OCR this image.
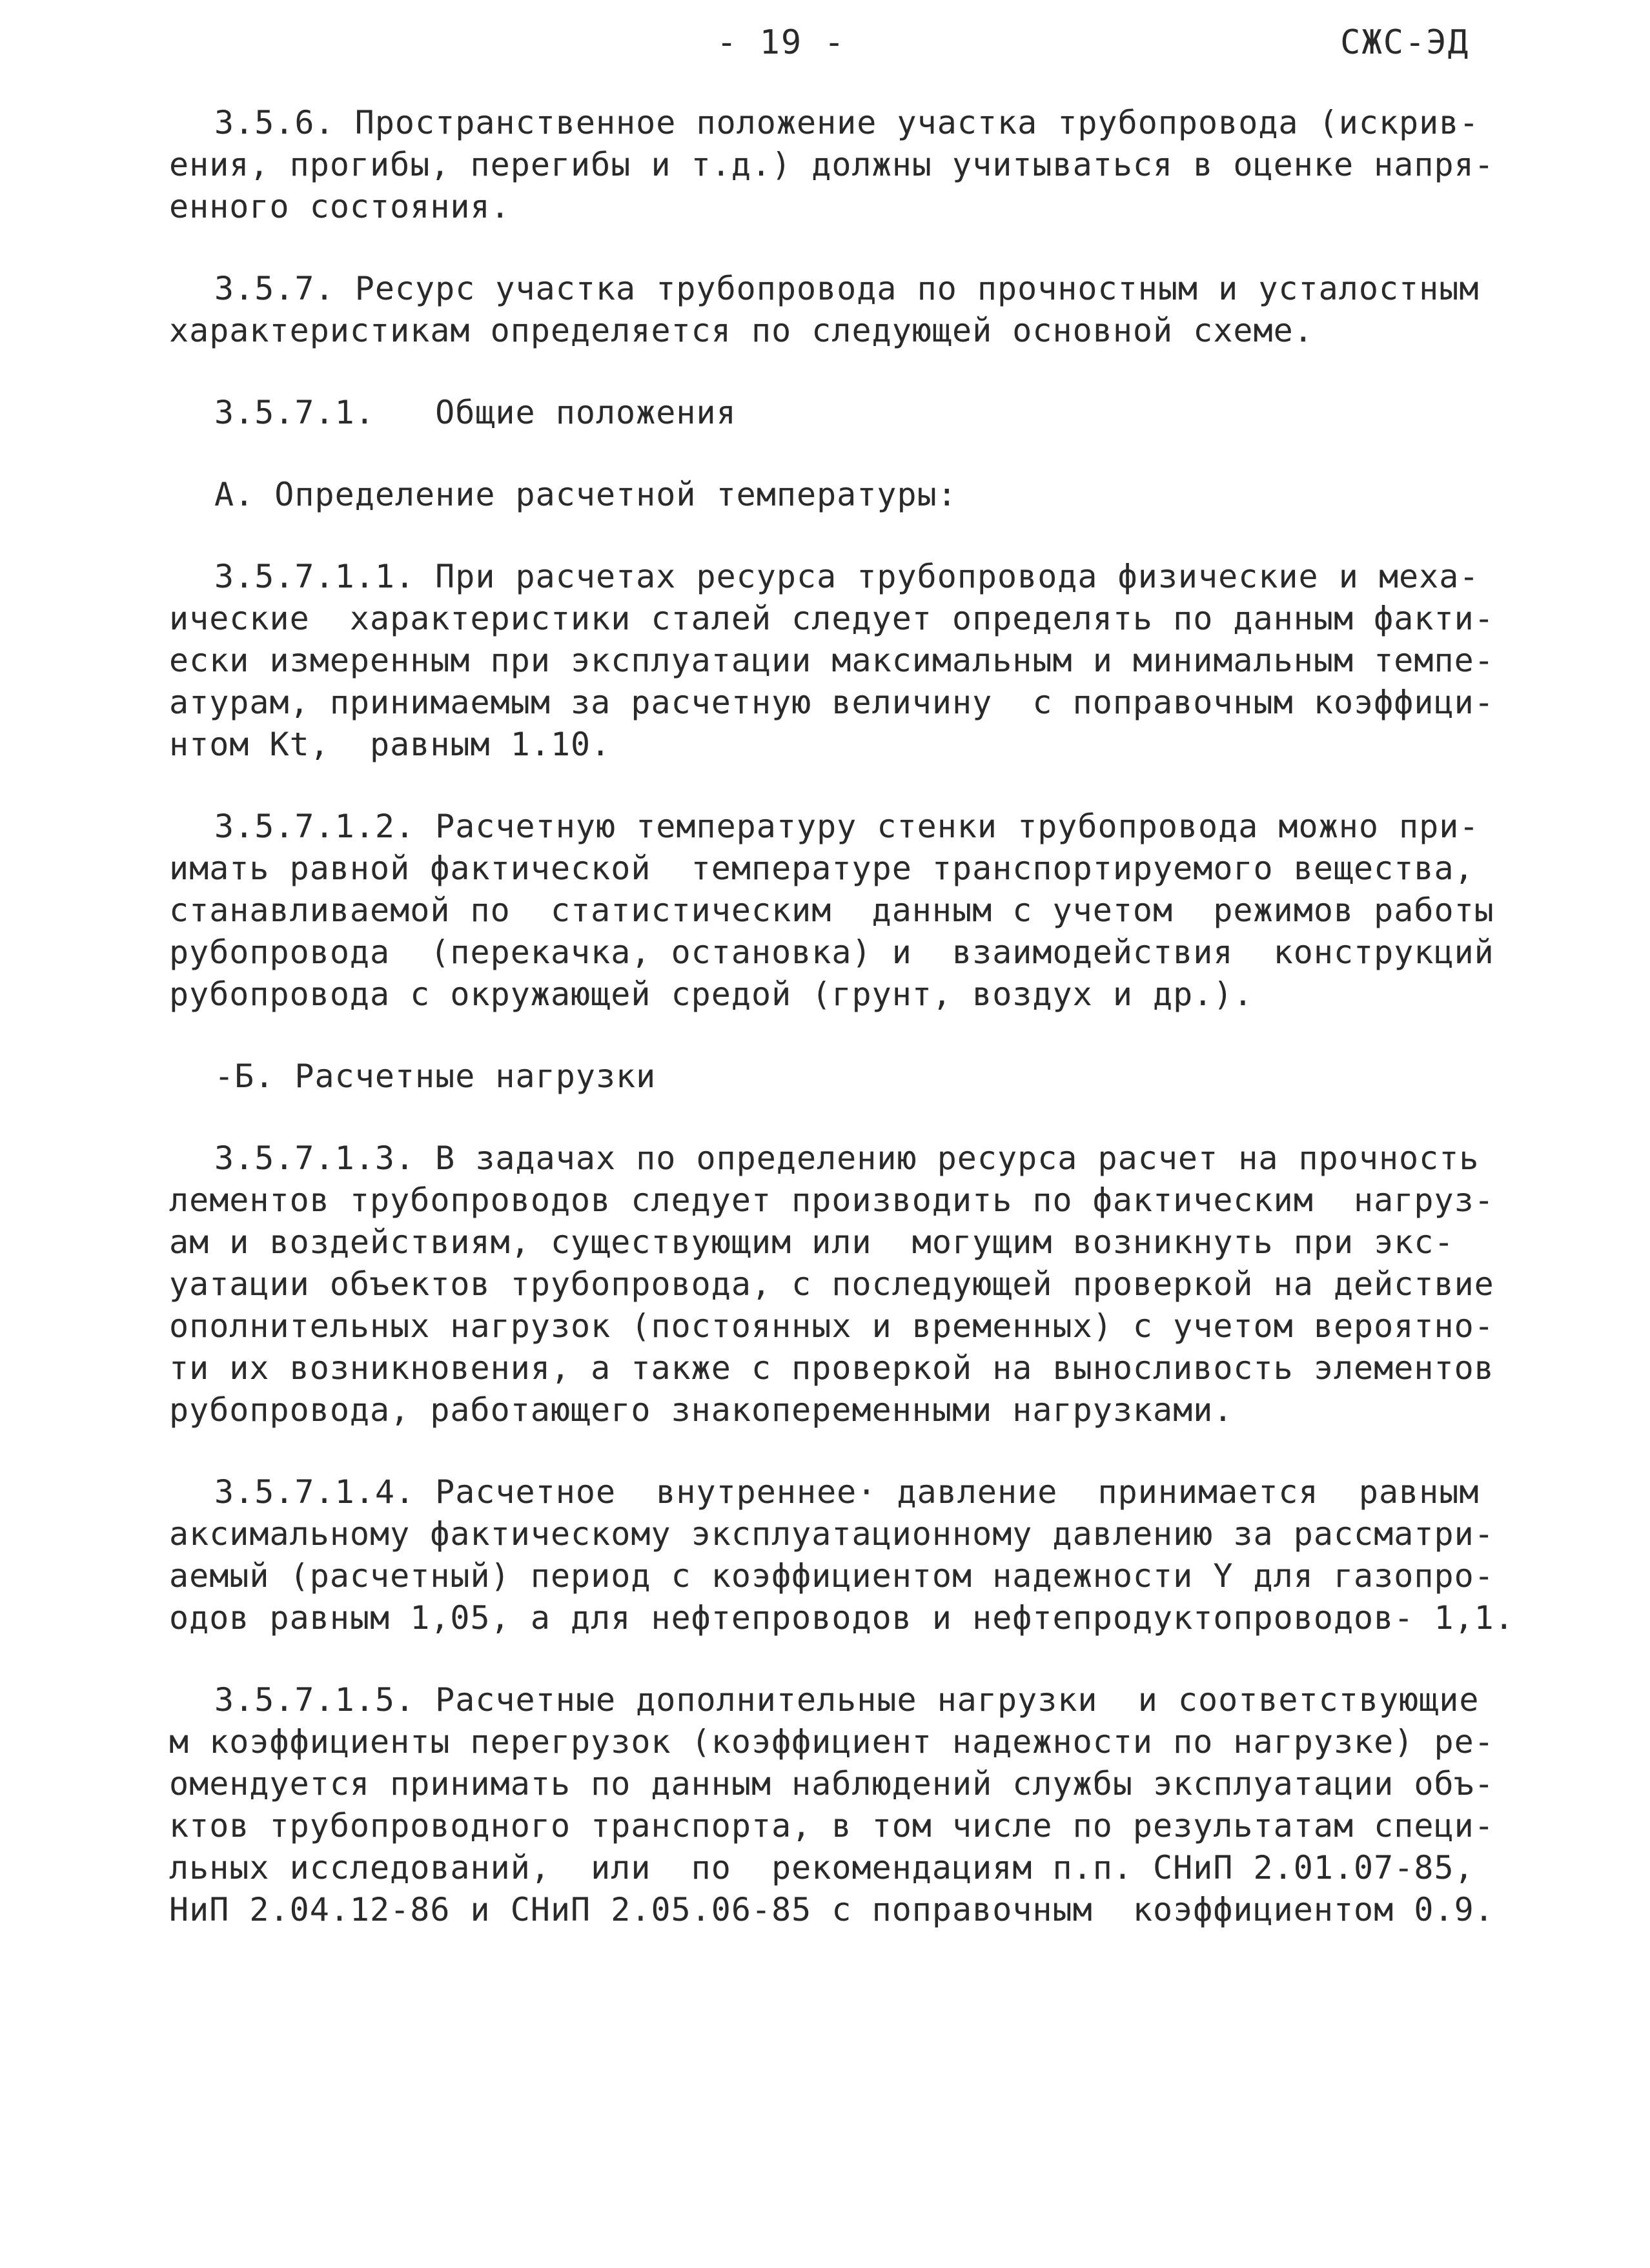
- 19 -	СЖС-ЭД
3.5.6. Пространственное положение участка трубопровода (искрив-
ения, прогибы, перегибы и т.д.) должны учитываться в оценке напря-
енного состояния.
3.5.7. Ресурс участка трубопровода по прочностным и усталостным
характеристикам определяется по следующей основной схеме.
3.5.7.1.   Общие положения
А. Определение расчетной температуры:
3.5.7.1.1. При расчетах ресурса трубопровода физические и меха-
ические  характеристики сталей следует определять по данным факти-
ески измеренным при эксплуатации максимальным и минимальным темпе-
атурам, принимаемым за расчетную величину  с поправочным коэффици-
нтом Kt,  равным 1.10.
3.5.7.1.2. Расчетную температуру стенки трубопровода можно при-
имать равной фактической  температуре транспортируемого вещества,
станавливаемой по  статистическим  данным с учетом  режимов работы
рубопровода  (перекачка, остановка) и  взаимодействия  конструкций
рубопровода с окружающей средой (грунт, воздух и др.).
-Б. Расчетные нагрузки
3.5.7.1.3. В задачах по определению ресурса расчет на прочность
лементов трубопроводов следует производить по фактическим  нагруз-
ам и воздействиям, существующим или  могущим возникнуть при экс-
уатации объектов трубопровода, с последующей проверкой на действие
ополнительных нагрузок (постоянных и временных) с учетом вероятно-
ти их возникновения, а также с проверкой на выносливость элементов
рубопровода, работающего знакопеременными нагрузками.
3.5.7.1.4. Расчетное  внутреннее· давление  принимается  равным
аксимальному фактическому эксплуатационному давлению за рассматри-
аемый (расчетный) период с коэффициентом надежности Y для газопро-
одов равным 1,05, а для нефтепроводов и нефтепродуктопроводов- 1,1.
3.5.7.1.5. Расчетные дополнительные нагрузки  и соответствующие
м коэффициенты перегрузок (коэффициент надежности по нагрузке) ре-
омендуется принимать по данным наблюдений службы эксплуатации объ-
ктов трубопроводного транспорта, в том числе по результатам специ-
льных исследований,  или  по  рекомендациям п.п. СНиП 2.01.07-85,
НиП 2.04.12-86 и СНиП 2.05.06-85 с поправочным  коэффициентом 0.9.
